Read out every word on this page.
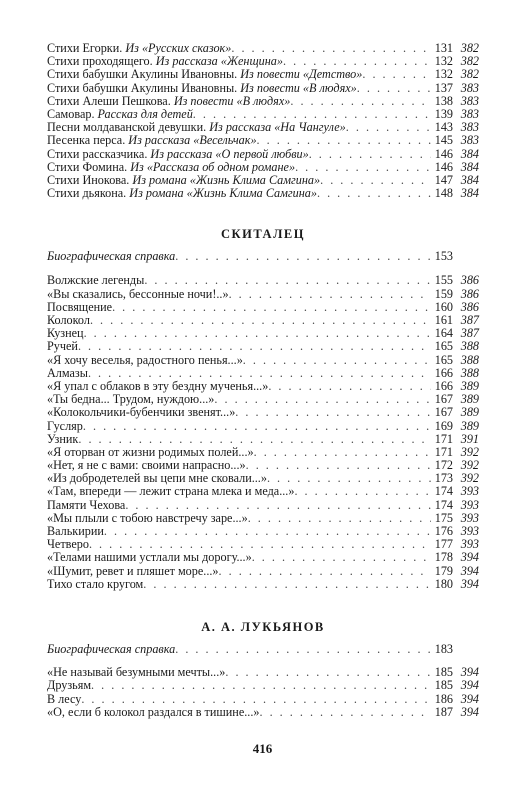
Стихи Егорки. Из «Русских сказок» . . .	131 382
Стихи проходящего. Из рассказа «Женщина» . . .	132 382
Стихи бабушки Акулины Ивановны. Из повести «Детство» . . .	132 382
Стихи бабушки Акулины Ивановны. Из повести «В людях» . . .	137 383
Стихи Алеши Пешкова. Из повести «В людях» . . .	138 383
Самовар. Рассказ для детей . . .	139 383
Песни молдаванской девушки. Из рассказа «На Чангуле» . . .	143 383
Песенка перса. Из рассказа «Весельчак» . . .	145 383
Стихи рассказчика. Из рассказа «О первой любви» . . .	146 384
Стихи Фомина. Из «Рассказа об одном романе» . . .	146 384
Стихи Инокова. Из романа «Жизнь Клима Самгина» . . .	147 384
Стихи дьякона. Из романа «Жизнь Клима Самгина» . . .	148 384
СКИТАЛЕЦ
Биографическая справка . . .	153
Волжские легенды . . .	155 386
«Вы сказались, бессонные ночи!..» . . .	159 386
Посвящение . . .	160 386
Колокол . . .	161 387
Кузнец . . .	164 387
Ручей . . .	165 388
«Я хочу веселья, радостного пенья...» . . .	165 388
Алмазы . . .	166 388
«Я упал с облаков в эту бездну мученья...» . . .	166 389
«Ты бедна... Трудом, нуждою...» . . .	167 389
«Колокольчики-бубенчики звенят...» . . .	167 389
Гусляр . . .	169 389
Узник . . .	171 391
«Я оторван от жизни родимых полей...» . . .	171 392
«Нет, я не с вами: своими напрасно...» . . .	172 392
«Из добродетелей вы цепи мне сковали...» . . .	173 392
«Там, впереди — лежит страна млека и меда...» . . .	174 393
Памяти Чехова . . .	174 393
«Мы плыли с тобою навстречу заре...» . . .	175 393
Валькирии . . .	176 393
Четверо . . .	177 393
«Телами нашими устлали мы дорогу...» . . .	178 394
«Шумит, ревет и пляшет море...» . . .	179 394
Тихо стало кругом . . .	180 394
А. А. ЛУКЬЯНОВ
Биографическая справка . . .	183
«Не называй безумными мечты...» . . .	185 394
Друзьям . . .	185 394
В лесу . . .	186 394
«О, если б колокол раздался в тишине...» . . .	187 394
416
